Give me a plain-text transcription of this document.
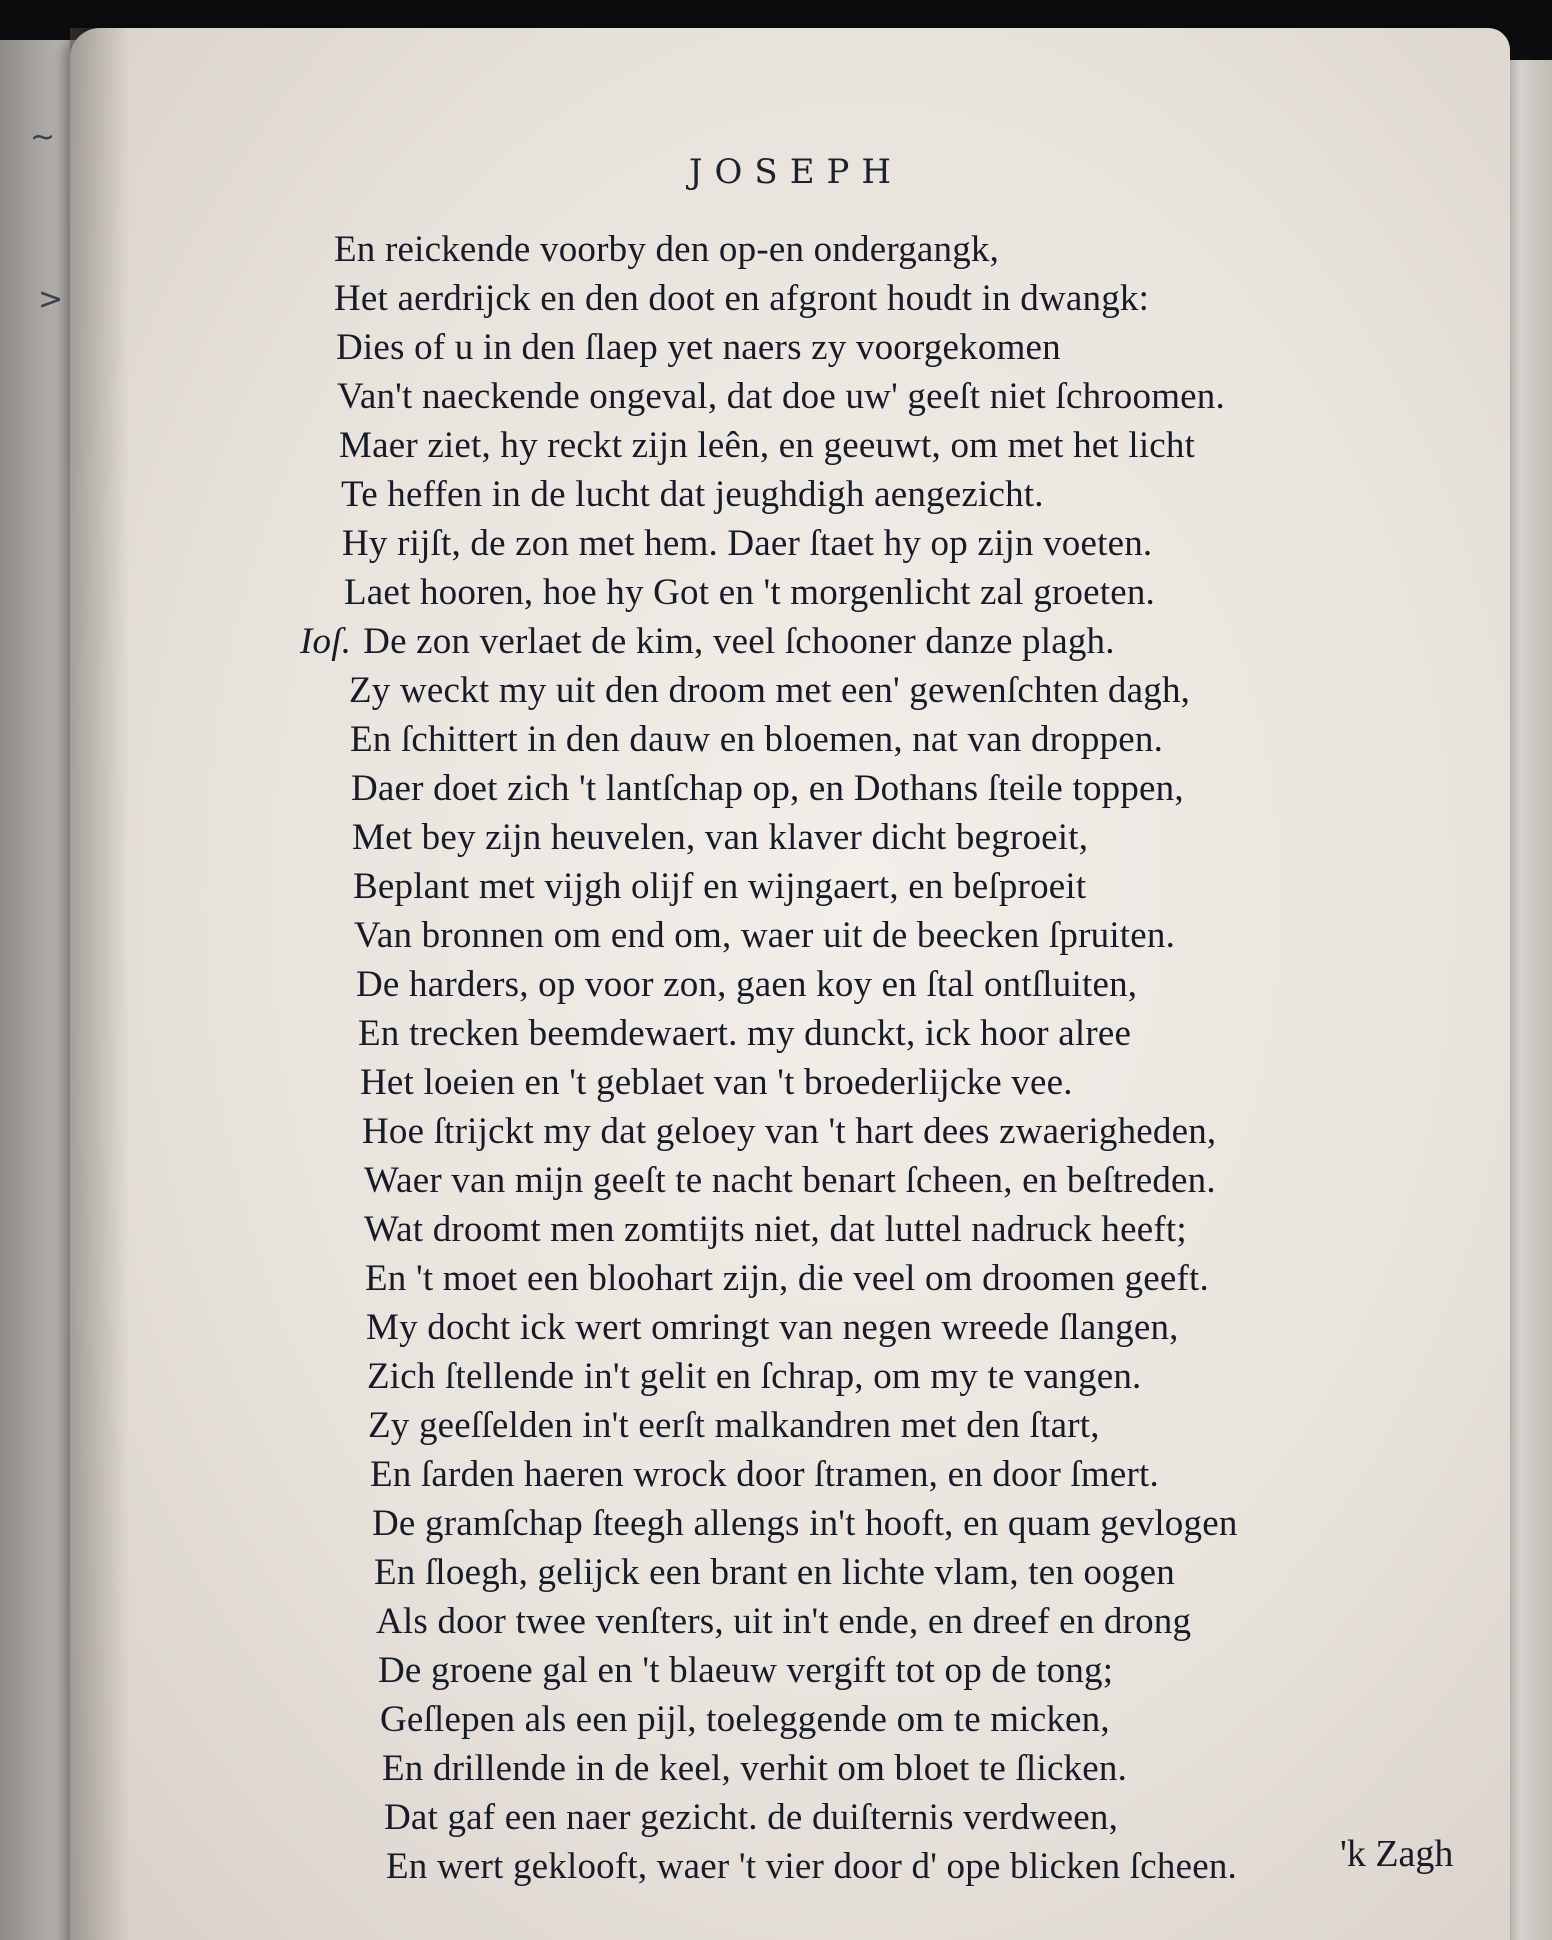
~
>
JOSEPH
En reickende voorby den op-en ondergangk,
Het aerdrijck en den doot en afgront houdt in dwangk:
Dies of u in den ſlaep yet naers zy voorgekomen
Van't naeckende ongeval, dat doe uw' geeſt niet ſchroomen.
Maer ziet, hy reckt zijn leên, en geeuwt, om met het licht
Te heffen in de lucht dat jeughdigh aengezicht.
Hy rijſt, de zon met hem. Daer ſtaet hy op zijn voeten.
Laet hooren, hoe hy Got en 't morgenlicht zal groeten.
Ioſ. De zon verlaet de kim, veel ſchooner danze plagh.
Zy weckt my uit den droom met een' gewenſchten dagh,
En ſchittert in den dauw en bloemen, nat van droppen.
Daer doet zich 't lantſchap op, en Dothans ſteile toppen,
Met bey zijn heuvelen, van klaver dicht begroeit,
Beplant met vijgh olijf en wijngaert, en beſproeit
Van bronnen om end om, waer uit de beecken ſpruiten.
De harders, op voor zon, gaen koy en ſtal ontſluiten,
En trecken beemdewaert. my dunckt, ick hoor alree
Het loeien en 't geblaet van 't broederlijcke vee.
Hoe ſtrijckt my dat geloey van 't hart dees zwaerigheden,
Waer van mijn geeſt te nacht benart ſcheen, en beſtreden.
Wat droomt men zomtijts niet, dat luttel nadruck heeft;
En 't moet een bloohart zijn, die veel om droomen geeft.
My docht ick wert omringt van negen wreede ſlangen,
Zich ſtellende in't gelit en ſchrap, om my te vangen.
Zy geeſſelden in't eerſt malkandren met den ſtart,
En ſarden haeren wrock door ſtramen, en door ſmert.
De gramſchap ſteegh allengs in't hooft, en quam gevlogen
En ſloegh, gelijck een brant en lichte vlam, ten oogen
Als door twee venſters, uit in't ende, en dreef en drong
De groene gal en 't blaeuw vergift tot op de tong;
Geſlepen als een pijl, toeleggende om te micken,
En drillende in de keel, verhit om bloet te ſlicken.
Dat gaf een naer gezicht. de duiſternis verdween,
En wert geklooft, waer 't vier door d' ope blicken ſcheen.	'k Zagh
